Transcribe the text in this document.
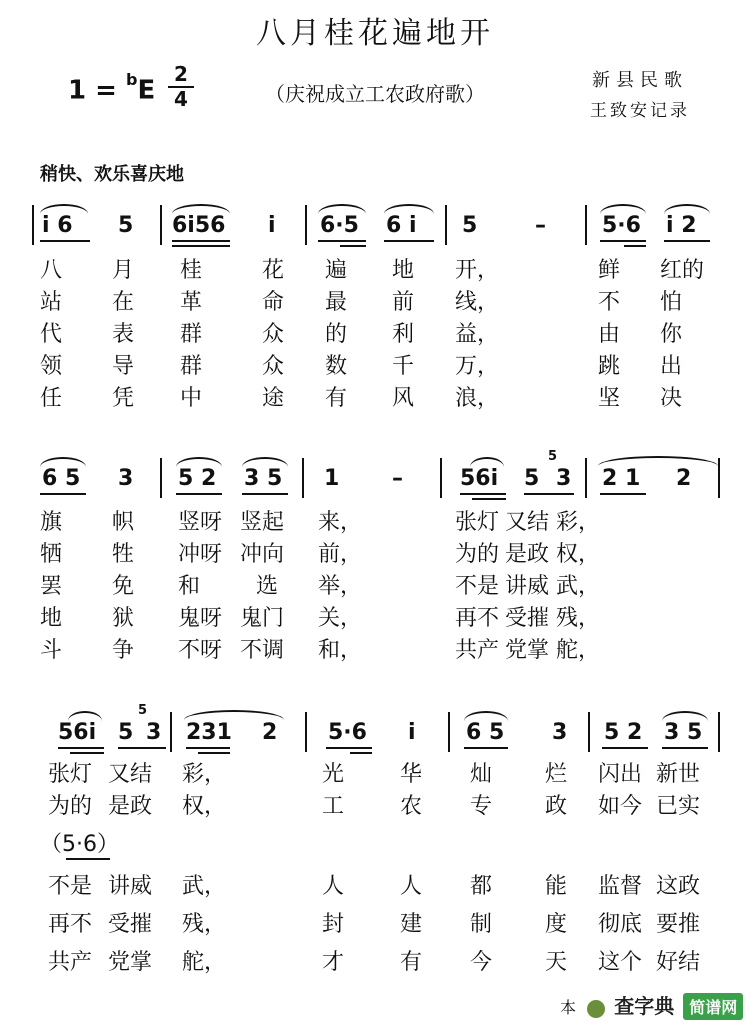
八月桂花遍地开
1 = $^b$E
2
4	（庆祝成立工农政府歌）
新县民歌
王致安记录
稍快、欢乐喜庆地
i 6 5 6i56 i 6·5 6 i 5	–	5·6 i 2
八 月 桂	花 遍 地 开，	鲜 红的
站 在 革	命 最 前 线，	不 怕
代 表 群	众 的 利 益，	由 你
领 导 群	众 数 千 万，	跳 出
任 凭 中	途 有 风 浪，	坚 决
6 5 3 5 2 3 5 1 –	56i 5
5
3 2 1 2
旗 帜 竖呀 竖起 来，	张灯 又结 彩，
牺 牲 冲呀 冲向 前，	为的 是政 权，
罢 免 和	选 举，	不是 讲威 武，
地 狱 鬼呀 鬼门 关，	再不 受摧 残，
斗 争 不呀 不调 和，	共产 党掌 舵，
56i 5
5
3 231 2 5·6 i 6 5 3 5 2 3 5
张灯 又结 彩，	光	华 灿 烂 闪出 新世
为的 是政 权，	工	农 专 政 如今 已实
（5·6）
不是 讲威 武，	人	人 都 能 监督 这政
再不 受摧 残，	封	建 制 度 彻底 要推
共产 党掌 舵，	才	有 今 天 这个 好结
本 查字典 简谱网
